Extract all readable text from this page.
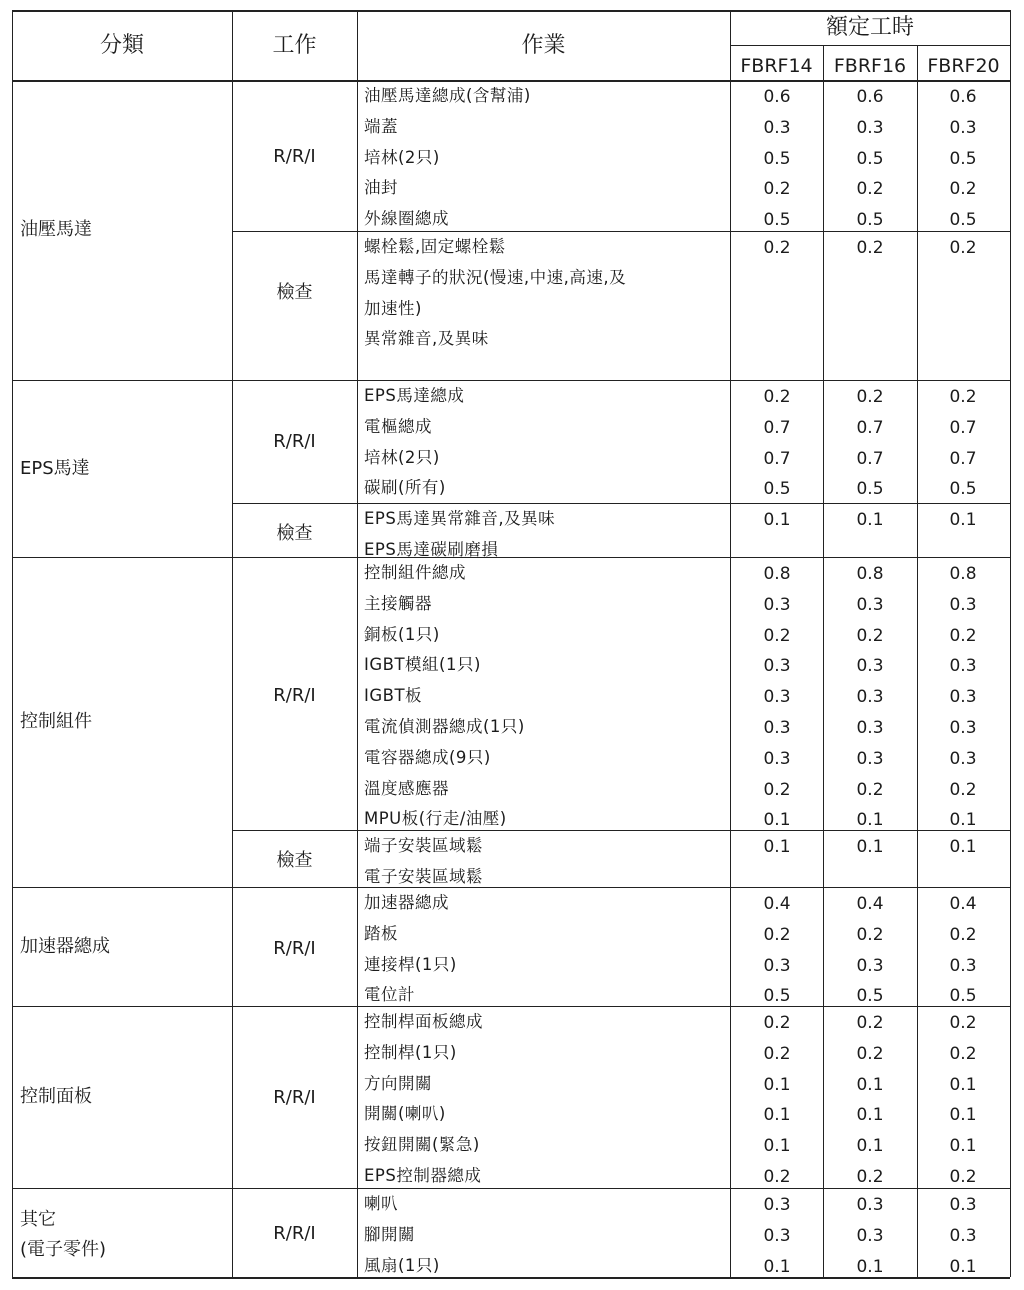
分類	工作	作業
額定工時
FBRF14	FBRF16	FBRF20
油壓馬達
R/R/I
油壓馬達總成(含幫浦)	0.6	0.6	0.6
端蓋	0.3	0.3	0.3
培林(2只)	0.5	0.5	0.5
油封	0.2	0.2	0.2
外線圈總成	0.5	0.5	0.5
檢查
螺栓鬆,固定螺栓鬆	0.2	0.2	0.2
馬達轉子的狀況(慢速,中速,高速,及
加速性)
異常雜音,及異味
EPS馬達
R/R/I
EPS馬達總成	0.2	0.2	0.2
電樞總成	0.7	0.7	0.7
培林(2只)	0.7	0.7	0.7
碳刷(所有)	0.5	0.5	0.5
檢查
EPS馬達異常雜音,及異味	0.1	0.1	0.1
EPS馬達碳刷磨損
控制組件
R/R/I
控制組件總成	0.8	0.8	0.8
主接觸器	0.3	0.3	0.3
銅板(1只)	0.2	0.2	0.2
IGBT模組(1只)	0.3	0.3	0.3
IGBT板	0.3	0.3	0.3
電流偵測器總成(1只)	0.3	0.3	0.3
電容器總成(9只)	0.3	0.3	0.3
溫度感應器	0.2	0.2	0.2
MPU板(行走/油壓)	0.1	0.1	0.1
檢查
端子安裝區域鬆	0.1	0.1	0.1
電子安裝區域鬆
加速器總成	R/R/I
加速器總成	0.4	0.4	0.4
踏板	0.2	0.2	0.2
連接桿(1只)	0.3	0.3	0.3
電位計	0.5	0.5	0.5
控制面板	R/R/I
控制桿面板總成	0.2	0.2	0.2
控制桿(1只)	0.2	0.2	0.2
方向開關	0.1	0.1	0.1
開關(喇叭)	0.1	0.1	0.1
按鈕開關(緊急)	0.1	0.1	0.1
EPS控制器總成	0.2	0.2	0.2
其它
(電子零件)
R/R/I
喇叭	0.3	0.3	0.3
腳開關	0.3	0.3	0.3
風扇(1只)	0.1	0.1	0.1
